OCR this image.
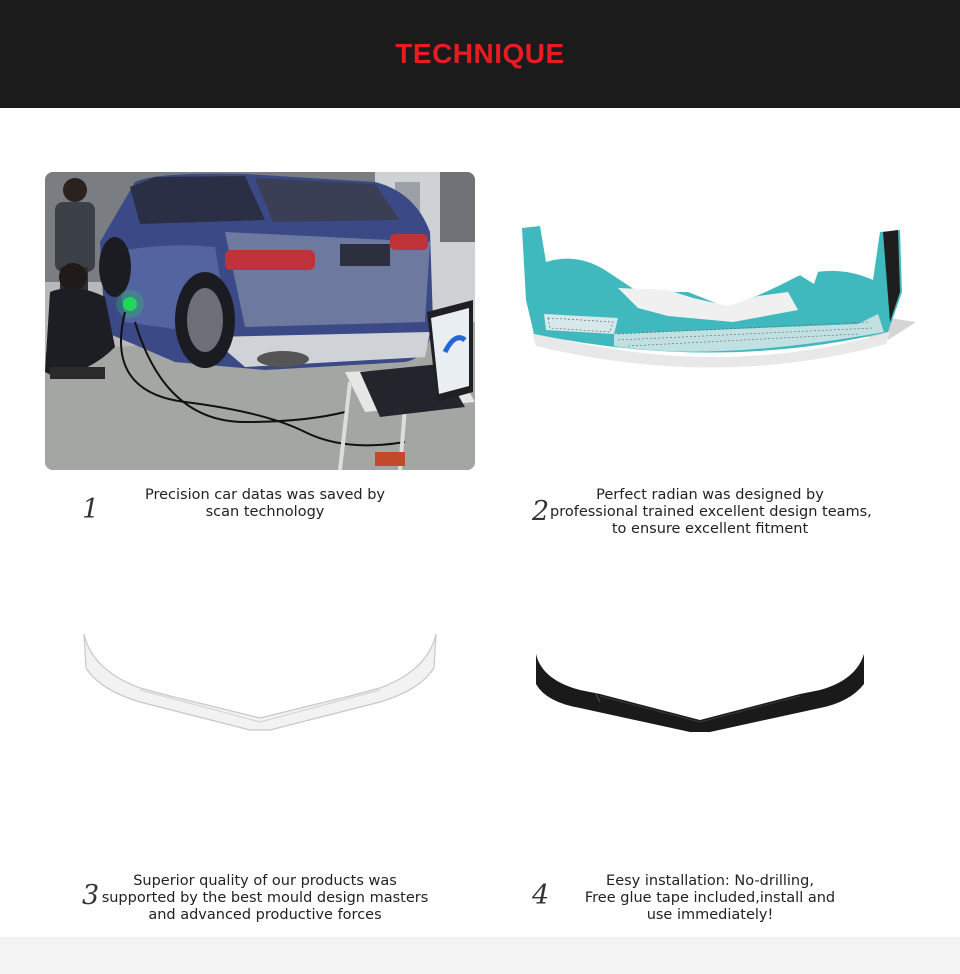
TECHNIQUE
1	2
3	4
Precision car datas was saved by
scan technology
Perfect radian was designed by
professional trained excellent design teams,
to ensure excellent fitment
Superior quality of our products was
supported by the best mould design masters
and advanced productive forces
Eesy installation: No-drilling,
Free glue tape included,install and
use immediately!
